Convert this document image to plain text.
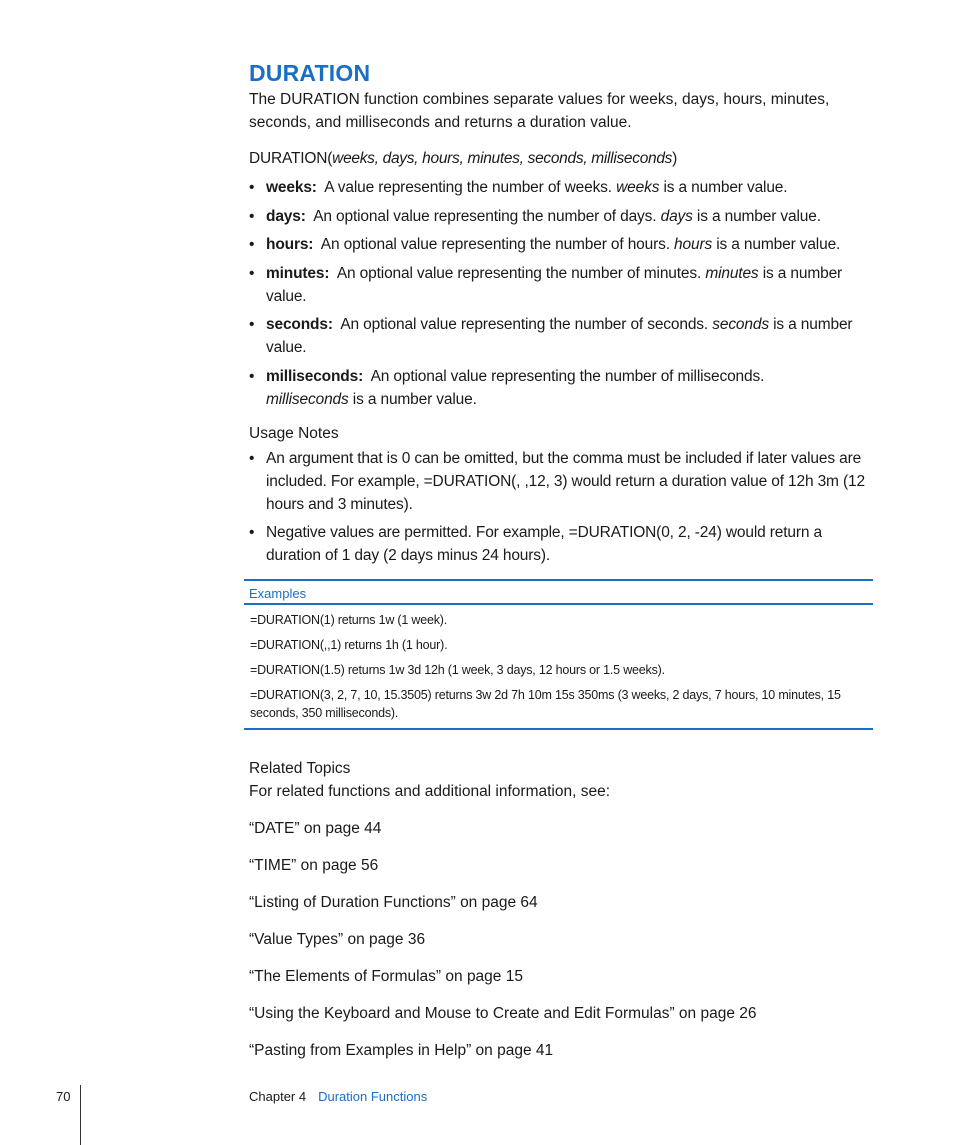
DURATION

The DURATION function combines separate values for weeks, days, hours, minutes, seconds, and milliseconds and returns a duration value.

DURATION(weeks, days, hours, minutes, seconds, milliseconds)
• weeks: A value representing the number of weeks. weeks is a number value.
• days: An optional value representing the number of days. days is a number value.
• hours: An optional value representing the number of hours. hours is a number value.
• minutes: An optional value representing the number of minutes. minutes is a number value.
• seconds: An optional value representing the number of seconds. seconds is a number value.
• milliseconds: An optional value representing the number of milliseconds.
milliseconds is a number value.
Usage Notes
• An argument that is 0 can be omitted, but the comma must be included if later values are included. For example, =DURATION(, ,12, 3) would return a duration value of 12h 3m (12 hours and 3 minutes).
• Negative values are permitted. For example, =DURATION(0, 2, -24) would return a duration of 1 day (2 days minus 24 hours).
Examples
=DURATION(1) returns 1w (1 week).
=DURATION(,,1) returns 1h (1 hour).
=DURATION(1.5) returns 1w 3d 12h (1 week, 3 days, 12 hours or 1.5 weeks).
=DURATION(3, 2, 7, 10, 15.3505) returns 3w 2d 7h 10m 15s 350ms (3 weeks, 2 days, 7 hours, 10 minutes, 15 seconds, 350 milliseconds).
Related Topics
For related functions and additional information, see:
“DATE” on page 44
“TIME” on page 56
“Listing of Duration Functions” on page 64
“Value Types” on page 36
“The Elements of Formulas” on page 15
“Using the Keyboard and Mouse to Create and Edit Formulas” on page 26
“Pasting from Examples in Help” on page 41
70	Chapter 4 Duration Functions
